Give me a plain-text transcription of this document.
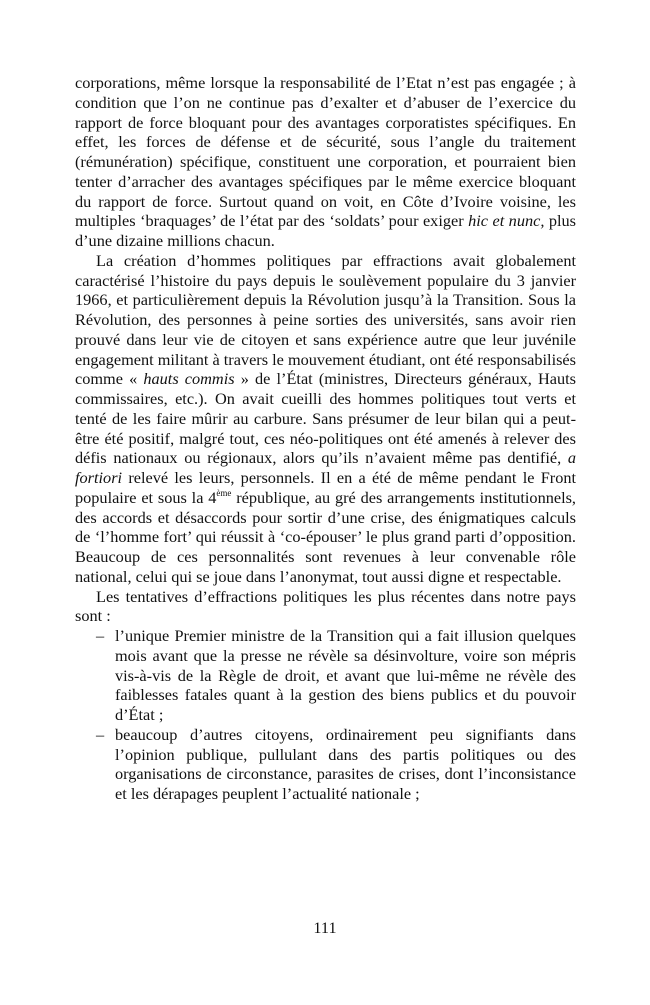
corporations, même lorsque la responsabilité de l’Etat n’est pas engagée ; à condition que l’on ne continue pas d’exalter et d’abuser de l’exercice du rapport de force bloquant pour des avantages corporatistes spécifiques. En effet, les forces de défense et de sécurité, sous l’angle du traitement (rémunération) spécifique, constituent une corporation, et pourraient bien tenter d’arracher des avantages spécifiques par le même exercice bloquant du rapport de force. Surtout quand on voit, en Côte d’Ivoire voisine, les multiples ‘braquages’ de l’état par des ‘soldats’ pour exiger hic et nunc, plus d’une dizaine millions chacun.

La création d’hommes politiques par effractions avait globalement caractérisé l’histoire du pays depuis le soulèvement populaire du 3 janvier 1966, et particulièrement depuis la Révolution jusqu’à la Transition. Sous la Révolution, des personnes à peine sorties des universités, sans avoir rien prouvé dans leur vie de citoyen et sans expérience autre que leur juvénile engagement militant à travers le mouvement étudiant, ont été responsabilisés comme « hauts commis » de l’État (ministres, Directeurs généraux, Hauts commissaires, etc.). On avait cueilli des hommes politiques tout verts et tenté de les faire mûrir au carbure. Sans présumer de leur bilan qui a peut-être été positif, malgré tout, ces néo-politiques ont été amenés à relever des défis nationaux ou régionaux, alors qu’ils n’avaient même pas dentifié, a fortiori relevé les leurs, personnels. Il en a été de même pendant le Front populaire et sous la 4ème république, au gré des arrangements institutionnels, des accords et désaccords pour sortir d’une crise, des énigmatiques calculs de ‘l’homme fort’ qui réussit à ‘co-épouser’ le plus grand parti d’opposition. Beaucoup de ces personnalités sont revenues à leur convenable rôle national, celui qui se joue dans l’anonymat, tout aussi digne et respectable.

Les tentatives d’effractions politiques les plus récentes dans notre pays sont :

– l’unique Premier ministre de la Transition qui a fait illusion quelques mois avant que la presse ne révèle sa désinvolture, voire son mépris vis-à-vis de la Règle de droit, et avant que lui-même ne révèle des faiblesses fatales quant à la gestion des biens publics et du pouvoir d’État ;
– beaucoup d’autres citoyens, ordinairement peu signifiants dans l’opinion publique, pullulant dans des partis politiques ou des organisations de circonstance, parasites de crises, dont l’inconsistance et les dérapages peuplent l’actualité nationale ;
111
